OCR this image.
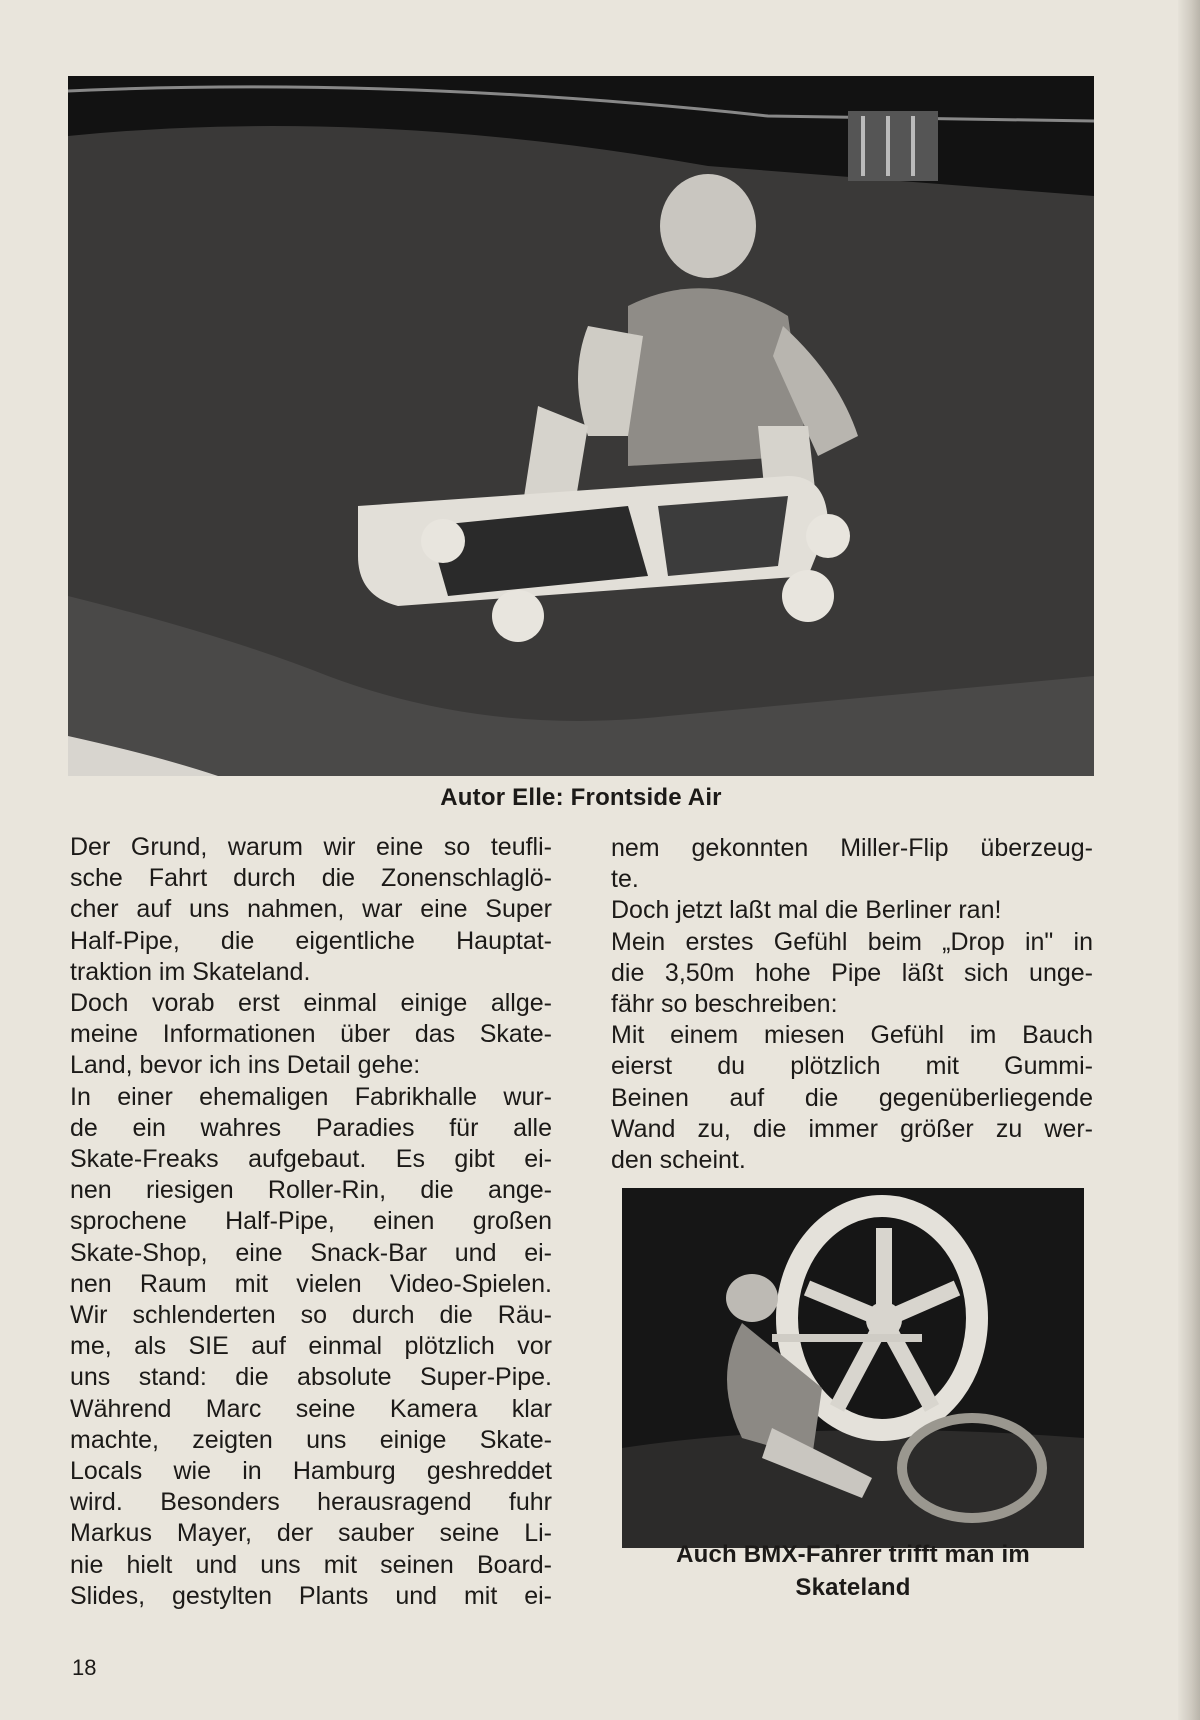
Autor Elle: Frontside Air
Der Grund, warum wir eine so teufli-
sche Fahrt durch die Zonenschlaglö-
cher auf uns nahmen, war eine Super
Half-Pipe, die eigentliche Hauptat-
traktion im Skateland.
Doch vorab erst einmal einige allge-
meine Informationen über das Skate-
Land, bevor ich ins Detail gehe:
In einer ehemaligen Fabrikhalle wur-
de ein wahres Paradies für alle
Skate-Freaks aufgebaut. Es gibt ei-
nen riesigen Roller-Rin, die ange-
sprochene Half-Pipe, einen großen
Skate-Shop, eine Snack-Bar und ei-
nen Raum mit vielen Video-Spielen.
Wir schlenderten so durch die Räu-
me, als SIE auf einmal plötzlich vor
uns stand: die absolute Super-Pipe.
Während Marc seine Kamera klar
machte, zeigten uns einige Skate-
Locals wie in Hamburg geshreddet
wird. Besonders herausragend fuhr
Markus Mayer, der sauber seine Li-
nie hielt und uns mit seinen Board-
Slides, gestylten Plants und mit ei-
nem gekonnten Miller-Flip überzeug-
te.
Doch jetzt laßt mal die Berliner ran!
Mein erstes Gefühl beim „Drop in" in
die 3,50m hohe Pipe läßt sich unge-
fähr so beschreiben:
Mit einem miesen Gefühl im Bauch
eierst du plötzlich mit Gummi-
Beinen auf die gegenüberliegende
Wand zu, die immer größer zu wer-
den scheint.
Auch BMX-Fahrer trifft man im
Skateland
18
